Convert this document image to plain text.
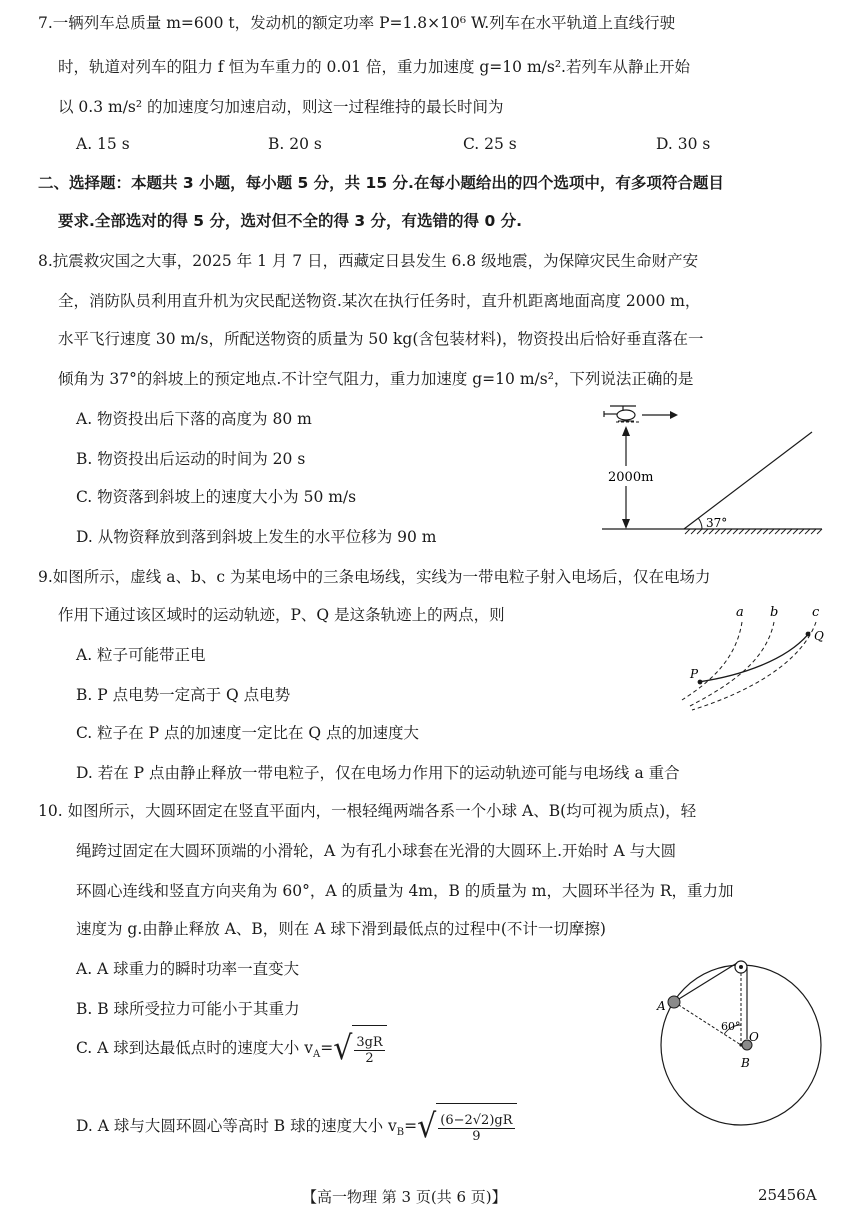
7.一辆列车总质量 m=600 t，发动机的额定功率 P=1.8×10⁶ W.列车在水平轨道上直线行驶
时，轨道对列车的阻力 f 恒为车重力的 0.01 倍，重力加速度 g=10 m/s².若列车从静止开始
以 0.3 m/s² 的加速度匀加速启动，则这一过程维持的最长时间为
A. 15 s	B. 20 s	C. 25 s	D. 30 s
二、选择题：本题共 3 小题，每小题 5 分，共 15 分.在每小题给出的四个选项中，有多项符合题目
要求.全部选对的得 5 分，选对但不全的得 3 分，有选错的得 0 分.
8.抗震救灾国之大事，2025 年 1 月 7 日，西藏定日县发生 6.8 级地震，为保障灾民生命财产安
全，消防队员利用直升机为灾民配送物资.某次在执行任务时，直升机距离地面高度 2000 m，
水平飞行速度 30 m/s，所配送物资的质量为 50 kg(含包装材料)，物资投出后恰好垂直落在一
倾角为 37°的斜坡上的预定地点.不计空气阻力，重力加速度 g=10 m/s²，下列说法正确的是
A. 物资投出后下落的高度为 80 m
B. 物资投出后运动的时间为 20 s
C. 物资落到斜坡上的速度大小为 50 m/s
D. 从物资释放到落到斜坡上发生的水平位移为 90 m
2000m
37°
9.如图所示，虚线 a、b、c 为某电场中的三条电场线，实线为一带电粒子射入电场后，仅在电场力
作用下通过该区域时的运动轨迹，P、Q 是这条轨迹上的两点，则
A. 粒子可能带正电
B. P 点电势一定高于 Q 点电势
C. 粒子在 P 点的加速度一定比在 Q 点的加速度大
D. 若在 P 点由静止释放一带电粒子，仅在电场力作用下的运动轨迹可能与电场线 a 重合
a b	c
P
Q
10. 如图所示，大圆环固定在竖直平面内，一根轻绳两端各系一个小球 A、B(均可视为质点)，轻
绳跨过固定在大圆环顶端的小滑轮，A 为有孔小球套在光滑的大圆环上.开始时 A 与大圆
环圆心连线和竖直方向夹角为 60°，A 的质量为 4m，B 的质量为 m，大圆环半径为 R，重力加
速度为 g.由静止释放 A、B，则在 A 球下滑到最低点的过程中(不计一切摩擦)
A. A 球重力的瞬时功率一直变大
B. B 球所受拉力可能小于其重力
C. A 球到达最低点时的速度大小 $v_A=$ √ $\frac{3gR}{2}$
D. A 球与大圆环圆心等高时 B 球的速度大小 $v_B=$ √ $\frac{(6-2√2)gR}{9}$
A
B
O
60°
【高一物理 第 3 页(共 6 页)】	25456A
